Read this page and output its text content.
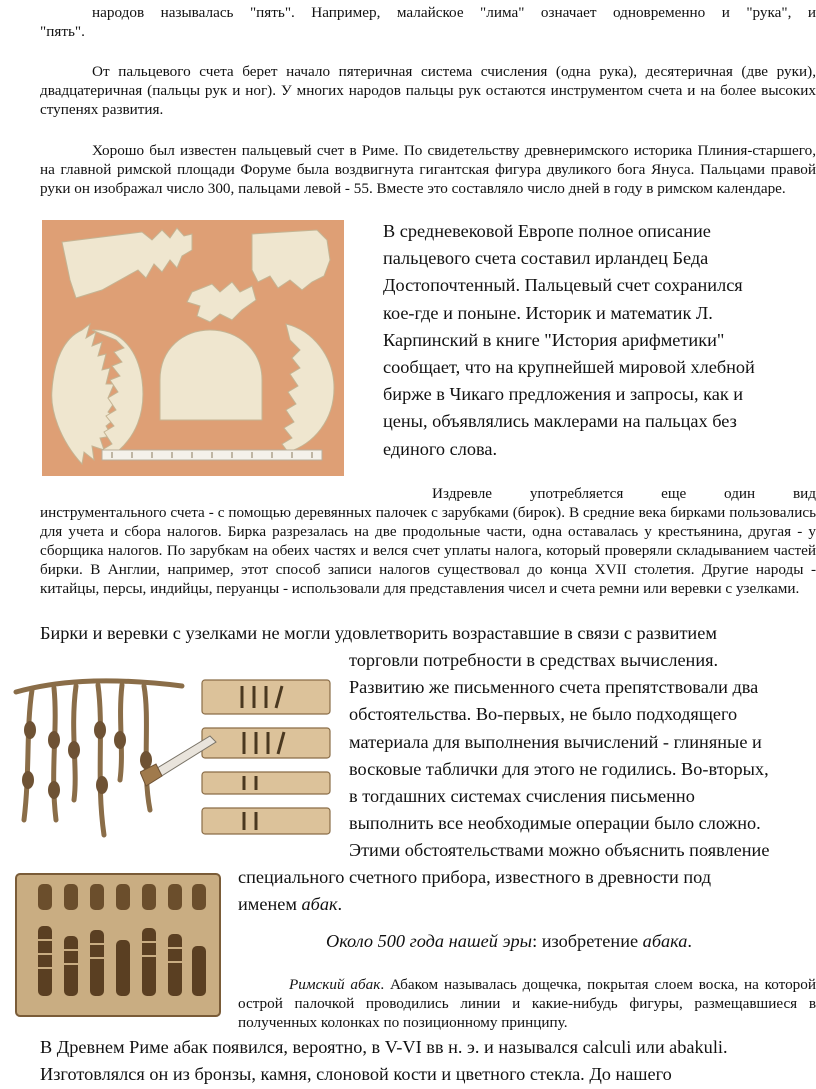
народов называлась "пять". Например, малайское "лима" означает одновременно и "рука", и

"пять".

От пальцевого счета берет начало пятеричная система счисления (одна рука), десятеричная (две руки), двадцатеричная (пальцы рук и ног). У многих народов пальцы рук остаются инструментом счета и на более высоких ступенях развития.

Хорошо был известен пальцевый счет в Риме. По свидетельству древнеримского историка Плиния-старшего, на главной римской площади Форуме была воздвигнута гигантская фигура двуликого бога Януса. Пальцами правой руки он изображал число 300, пальцами левой - 55. Вместе это составляло число дней в году в римском календаре.

В средневековой Европе полное описание
пальцевого счета составил ирландец Беда
Достопочтенный. Пальцевый счет сохранился
кое-где и поныне. Историк и математик Л.
Карпинский в книге "История арифметики"
сообщает, что на крупнейшей мировой хлебной
бирже в Чикаго предложения и запросы, как и
цены, объявлялись маклерами на пальцах без
единого слова.

Издревле употребляется еще один вид

инструментального счета - с помощью деревянных палочек с зарубками (бирок). В средние века бирками пользовались для учета и сбора налогов. Бирка разрезалась на две продольные части, одна оставалась у крестьянина, другая - у сборщика налогов. По зарубкам на обеих частях и велся счет уплаты налога, который проверяли складыванием частей бирки. В Англии, например, этот способ записи налогов существовал до конца XVII столетия. Другие народы - китайцы, персы, индийцы, перуанцы - использовали для представления чисел и счета ремни или веревки с узелками.

Бирки и веревки с узелками не могли удовлетворить возраставшие в связи с развитием

торговли потребности в средствах вычисления.
Развитию же письменного счета препятствовали два
обстоятельства. Во-первых, не было подходящего
материала для выполнения вычислений - глиняные и
восковые таблички для этого не годились. Во-вторых,
в тогдашних системах счисления письменно
выполнить все необходимые операции было сложно.
Этими обстоятельствами можно объяснить появление

специального счетного прибора, известного в древности под

именем абак.

Около 500 года нашей эры: изобретение абака.

Римский абак. Абаком называлась дощечка, покрытая слоем воска, на которой острой палочкой проводились линии и какие-нибудь фигуры, размещавшиеся в полученных колонках по позиционному принципу.

В Древнем Риме абак появился, вероятно, в V-VI вв н. э. и назывался calculi или abakuli.

Изготовлялся он из бронзы, камня, слоновой кости и цветного стекла. До нашего
